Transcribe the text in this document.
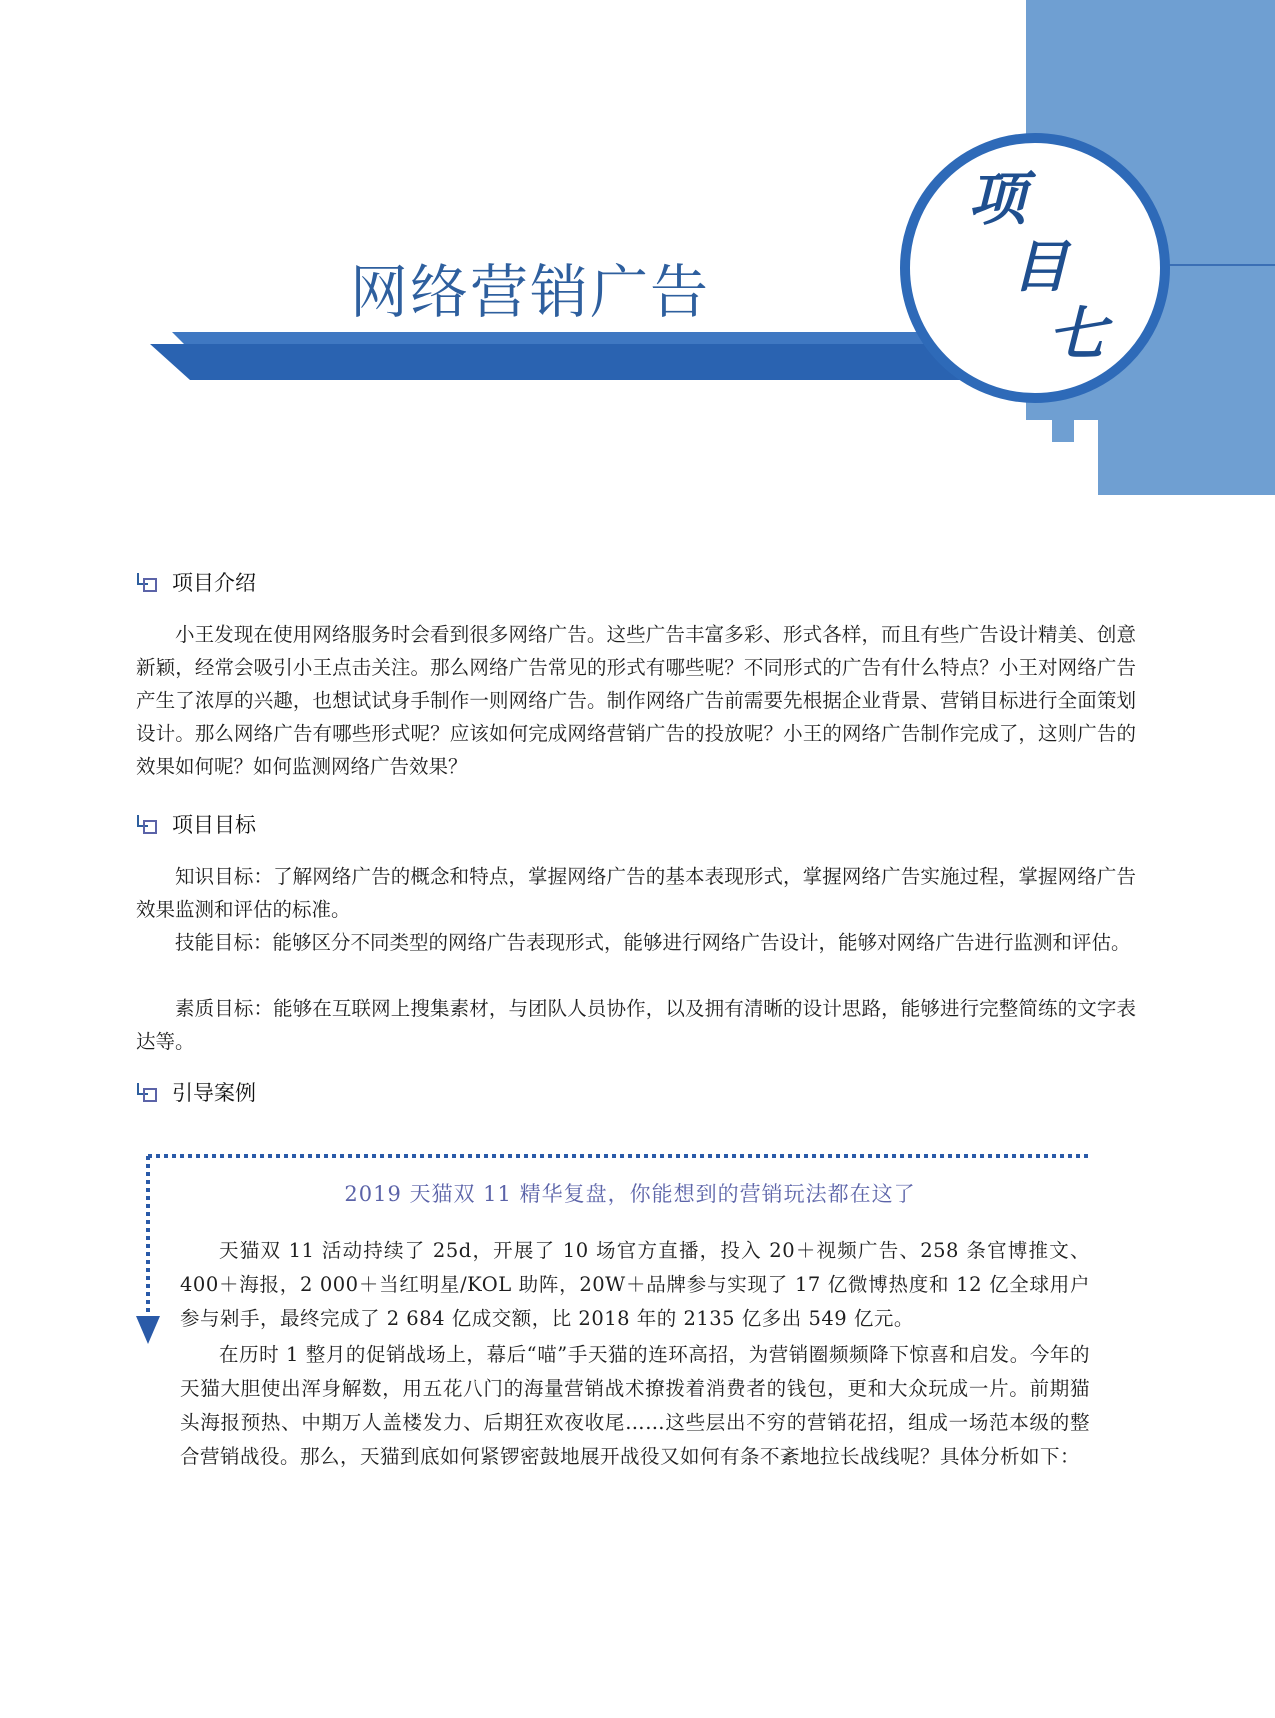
网络营销广告
项
目
七
项目介绍

小王发现在使用网络服务时会看到很多网络广告。这些广告丰富多彩、形式各样，而且有些广告设计精美、创意新颖，经常会吸引小王点击关注。那么网络广告常见的形式有哪些呢？不同形式的广告有什么特点？小王对网络广告产生了浓厚的兴趣，也想试试身手制作一则网络广告。制作网络广告前需要先根据企业背景、营销目标进行全面策划设计。那么网络广告有哪些形式呢？应该如何完成网络营销广告的投放呢？小王的网络广告制作完成了，这则广告的效果如何呢？如何监测网络广告效果？

项目目标

知识目标：了解网络广告的概念和特点，掌握网络广告的基本表现形式，掌握网络广告实施过程，掌握网络广告效果监测和评估的标准。

技能目标：能够区分不同类型的网络广告表现形式，能够进行网络广告设计，能够对网络广告进行监测和评估。

素质目标：能够在互联网上搜集素材，与团队人员协作，以及拥有清晰的设计思路，能够进行完整简练的文字表达等。

引导案例

2019 天猫双 11 精华复盘，你能想到的营销玩法都在这了

天猫双 11 活动持续了 25d，开展了 10 场官方直播，投入 20＋视频广告、258 条官博推文、400＋海报，2 000＋当红明星/KOL 助阵，20W＋品牌参与实现了 17 亿微博热度和 12 亿全球用户参与剁手，最终完成了 2 684 亿成交额，比 2018 年的 2135 亿多出 549 亿元。

在历时 1 整月的促销战场上，幕后“喵”手天猫的连环高招，为营销圈频频降下惊喜和启发。今年的天猫大胆使出浑身解数，用五花八门的海量营销战术撩拨着消费者的钱包，更和大众玩成一片。前期猫头海报预热、中期万人盖楼发力、后期狂欢夜收尾……这些层出不穷的营销花招，组成一场范本级的整合营销战役。那么，天猫到底如何紧锣密鼓地展开战役又如何有条不紊地拉长战线呢？具体分析如下：
